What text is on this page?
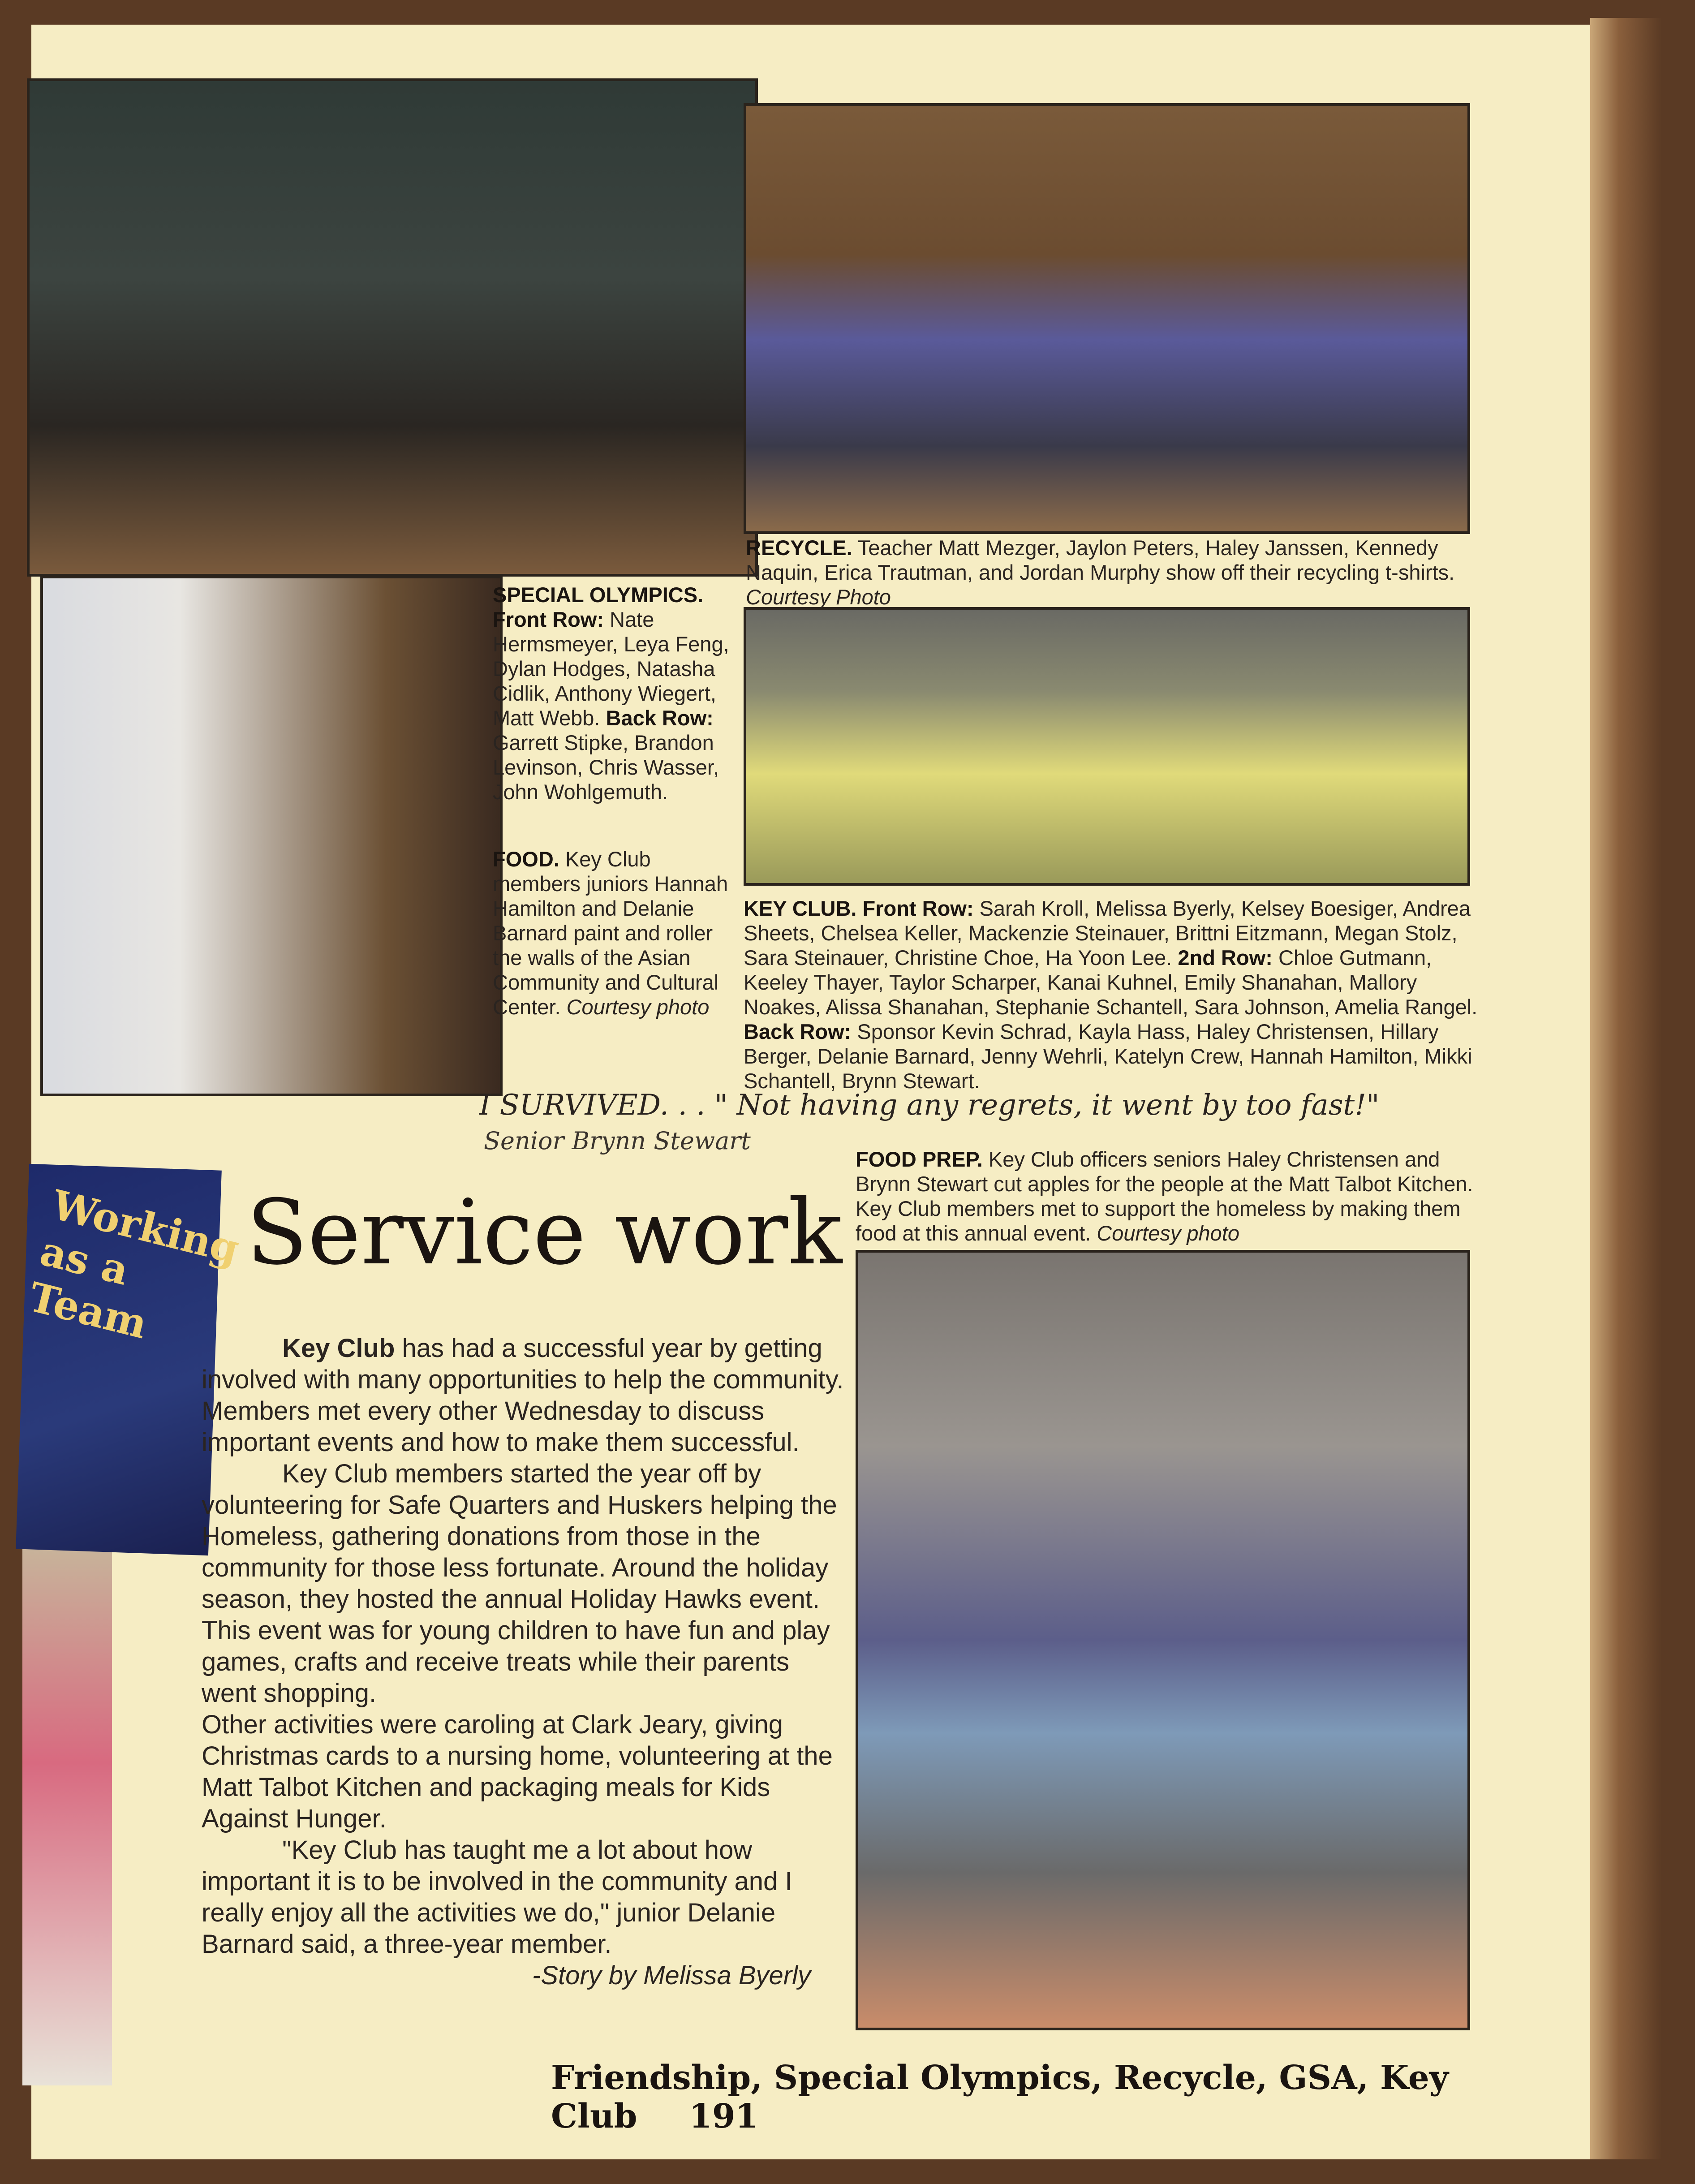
Working as a Team
SPECIAL OLYMPICS.
Front Row: Nate Hermsmeyer, Leya Feng, Dylan Hodges, Natasha Cidlik, Anthony Wiegert, Matt Webb. Back Row: Garrett Stipke, Brandon Levinson, Chris Wasser, John Wohlgemuth.
FOOD. Key Club members juniors Hannah Hamilton and Delanie Barnard paint and roller the walls of the Asian Community and Cultural Center. Courtesy photo
RECYCLE. Teacher Matt Mezger, Jaylon Peters, Haley Janssen, Kennedy Naquin, Erica Trautman, and Jordan Murphy show off their recycling t-shirts. Courtesy Photo
KEY CLUB. Front Row: Sarah Kroll, Melissa Byerly, Kelsey Boesiger, Andrea Sheets, Chelsea Keller, Mackenzie Steinauer, Brittni Eitzmann, Megan Stolz, Sara Steinauer, Christine Choe, Ha Yoon Lee. 2nd Row: Chloe Gutmann, Keeley Thayer, Taylor Scharper, Kanai Kuhnel, Emily Shanahan, Mallory Noakes, Alissa Shanahan, Stephanie Schantell, Sara Johnson, Amelia Rangel. Back Row: Sponsor Kevin Schrad, Kayla Hass, Haley Christensen, Hillary Berger, Delanie Barnard, Jenny Wehrli, Katelyn Crew, Hannah Hamilton, Mikki Schantell, Brynn Stewart.
I SURVIVED. . . " Not having any regrets, it went by too fast!"
Senior Brynn Stewart
FOOD PREP. Key Club officers seniors Haley Christensen and Brynn Stewart cut apples for the people at the Matt Talbot Kitchen. Key Club members met to support the homeless by making them food at this annual event. Courtesy photo
Service work

Key Club has had a successful year by getting involved with many opportunities to help the community. Members met every other Wednesday to discuss important events and how to make them successful.

Key Club members started the year off by volunteering for Safe Quarters and Huskers helping the Homeless, gathering donations from those in the community for those less fortunate. Around the holiday season, they hosted the annual Holiday Hawks event. This event was for young children to have fun and play games, crafts and receive treats while their parents went shopping.

Other activities were caroling at Clark Jeary, giving Christmas cards to a nursing home, volunteering at the Matt Talbot Kitchen and packaging meals for Kids Against Hunger.

"Key Club has taught me a lot about how important it is to be involved in the community and I really enjoy all the activities we do," junior Delanie Barnard said, a three-year member.

-Story by Melissa Byerly

Friendship, Special Olympics, Recycle, GSA, Key Club 191
